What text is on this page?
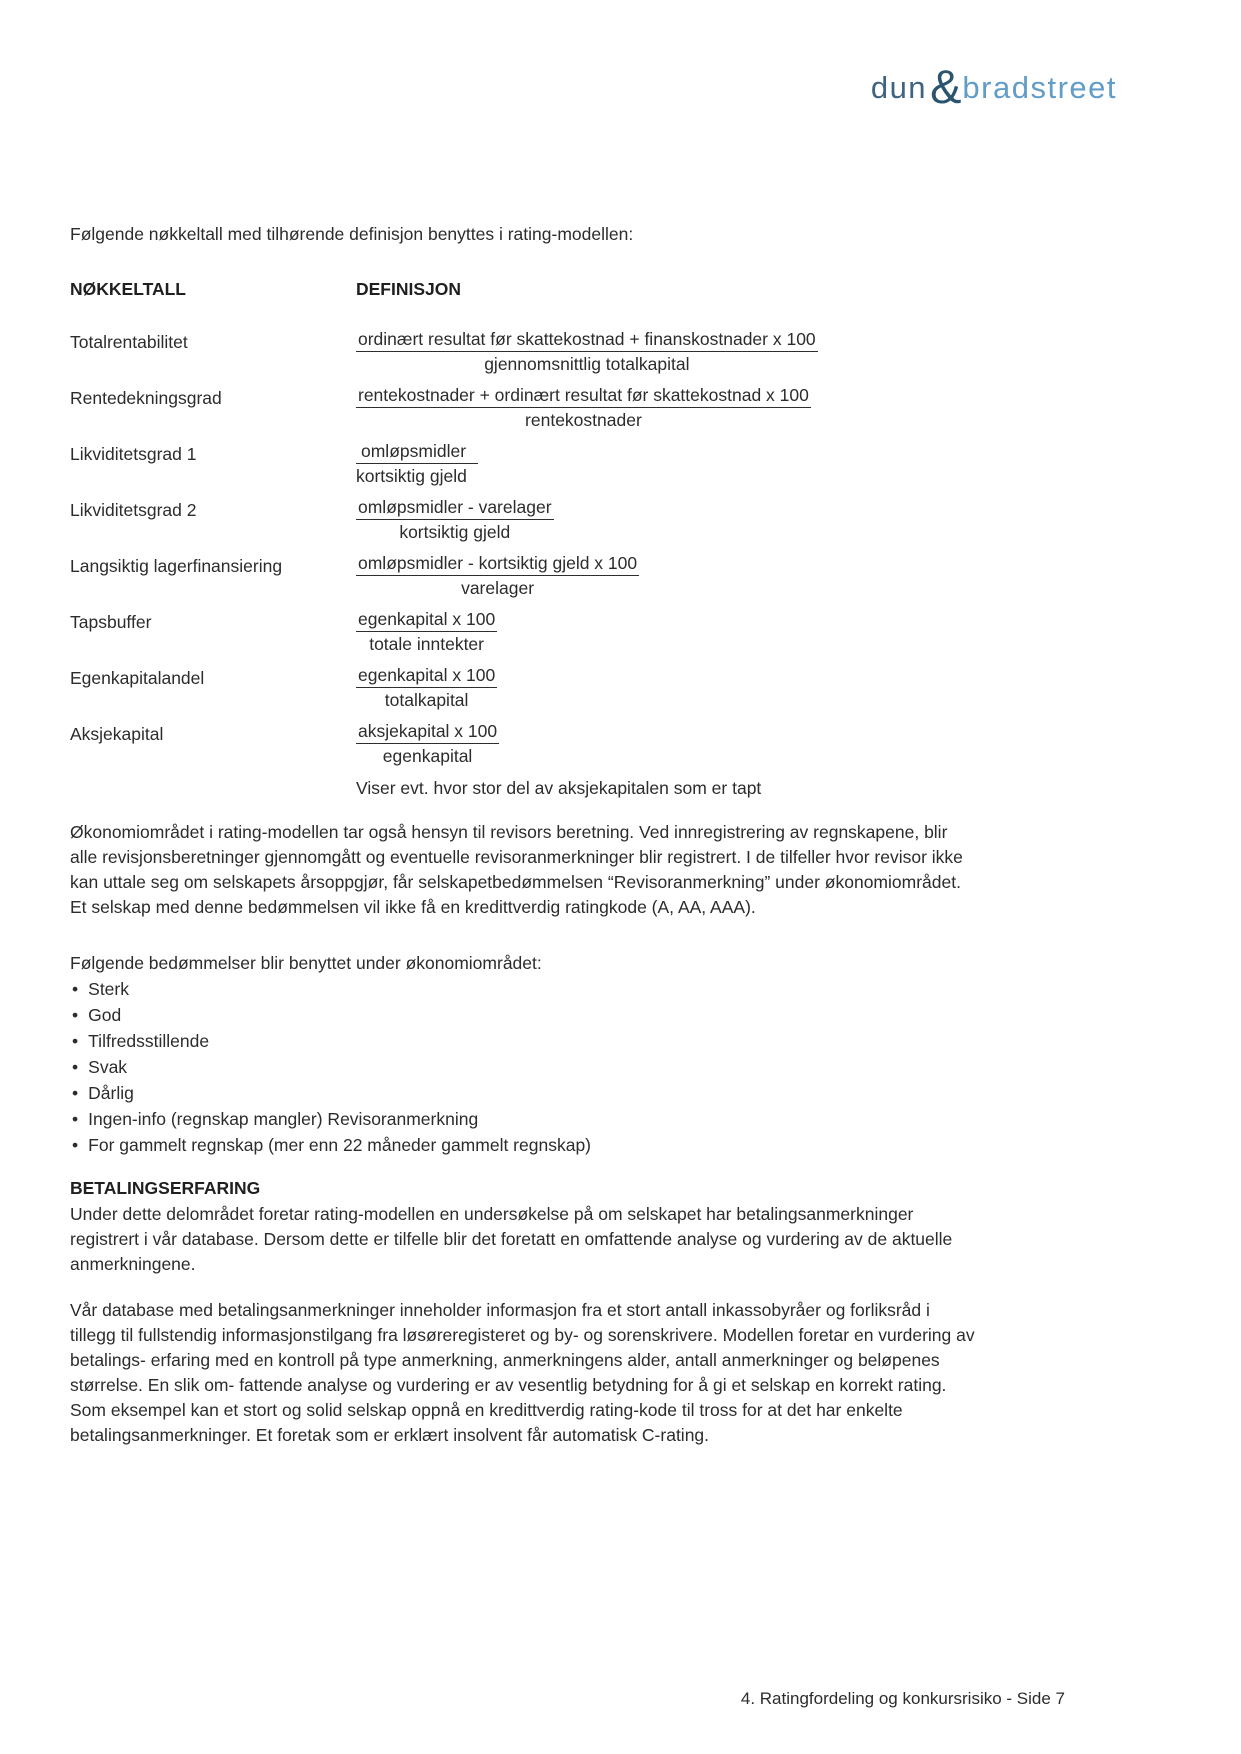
dun & bradstreet
Følgende nøkkeltall med tilhørende definisjon benyttes i rating-modellen:
NØKKELTALL	DEFINISJON
Totalrentabilitet	$\frac{\text{ordinært resultat før skattekostnad + finanskostnader x 100}}{\text{gjennomsnittlig totalkapital}}$
Rentedekningsgrad	$\frac{\text{rentekostnader + ordinært resultat før skattekostnad x 100}}{\text{rentekostnader}}$
Likviditetsgrad 1	$\frac{\text{omløpsmidler}}{\text{kortsiktig gjeld}}$
Likviditetsgrad 2	$\frac{\text{omløpsmidler - varelager}}{\text{kortsiktig gjeld}}$
Langsiktig lagerfinansiering	$\frac{\text{omløpsmidler - kortsiktig gjeld x 100}}{\text{varelager}}$
Tapsbuffer	$\frac{\text{egenkapital x 100}}{\text{totale inntekter}}$
Egenkapitalandel	$\frac{\text{egenkapital x 100}}{\text{totalkapital}}$
Aksjekapital	$\frac{\text{aksjekapital x 100}}{\text{egenkapital}}$
Viser evt. hvor stor del av aksjekapitalen som er tapt
Økonomiområdet i rating-modellen tar også hensyn til revisors beretning. Ved innregistrering av regnskapene, blir alle revisjonsberetninger gjennomgått og eventuelle revisoranmerkninger blir registrert. I de tilfeller hvor revisor ikke kan uttale seg om selskapets årsoppgjør, får selskapetbedømmelsen “Revisoranmerkning” under økonomiområdet. Et selskap med denne bedømmelsen vil ikke få en kredittverdig ratingkode (A, AA, AAA).
Følgende bedømmelser blir benyttet under økonomiområdet:
•
Sterk
•
God
•
Tilfredsstillende
•
Svak
•
Dårlig
•
Ingen-info (regnskap mangler) Revisoranmerkning
•
For gammelt regnskap (mer enn 22 måneder gammelt regnskap)

BETALINGSERFARING

Under dette delområdet foretar rating-modellen en undersøkelse på om selskapet har betalingsanmerkninger registrert i vår database. Dersom dette er tilfelle blir det foretatt en omfattende analyse og vurdering av de aktuelle anmerkningene.

Vår database med betalingsanmerkninger inneholder informasjon fra et stort antall inkassobyråer og forliksråd i tillegg til fullstendig informasjonstilgang fra løsøreregisteret og by- og sorenskrivere. Modellen foretar en vurdering av betalings- erfaring med en kontroll på type anmerkning, anmerkningens alder, antall anmerkninger og beløpenes størrelse. En slik om- fattende analyse og vurdering er av vesentlig betydning for å gi et selskap en korrekt rating. Som eksempel kan et stort og solid selskap oppnå en kredittverdig rating-kode til tross for at det har enkelte betalingsanmerkninger. Et foretak som er erklært insolvent får automatisk C-rating.

4. Ratingfordeling og konkursrisiko - Side 7
